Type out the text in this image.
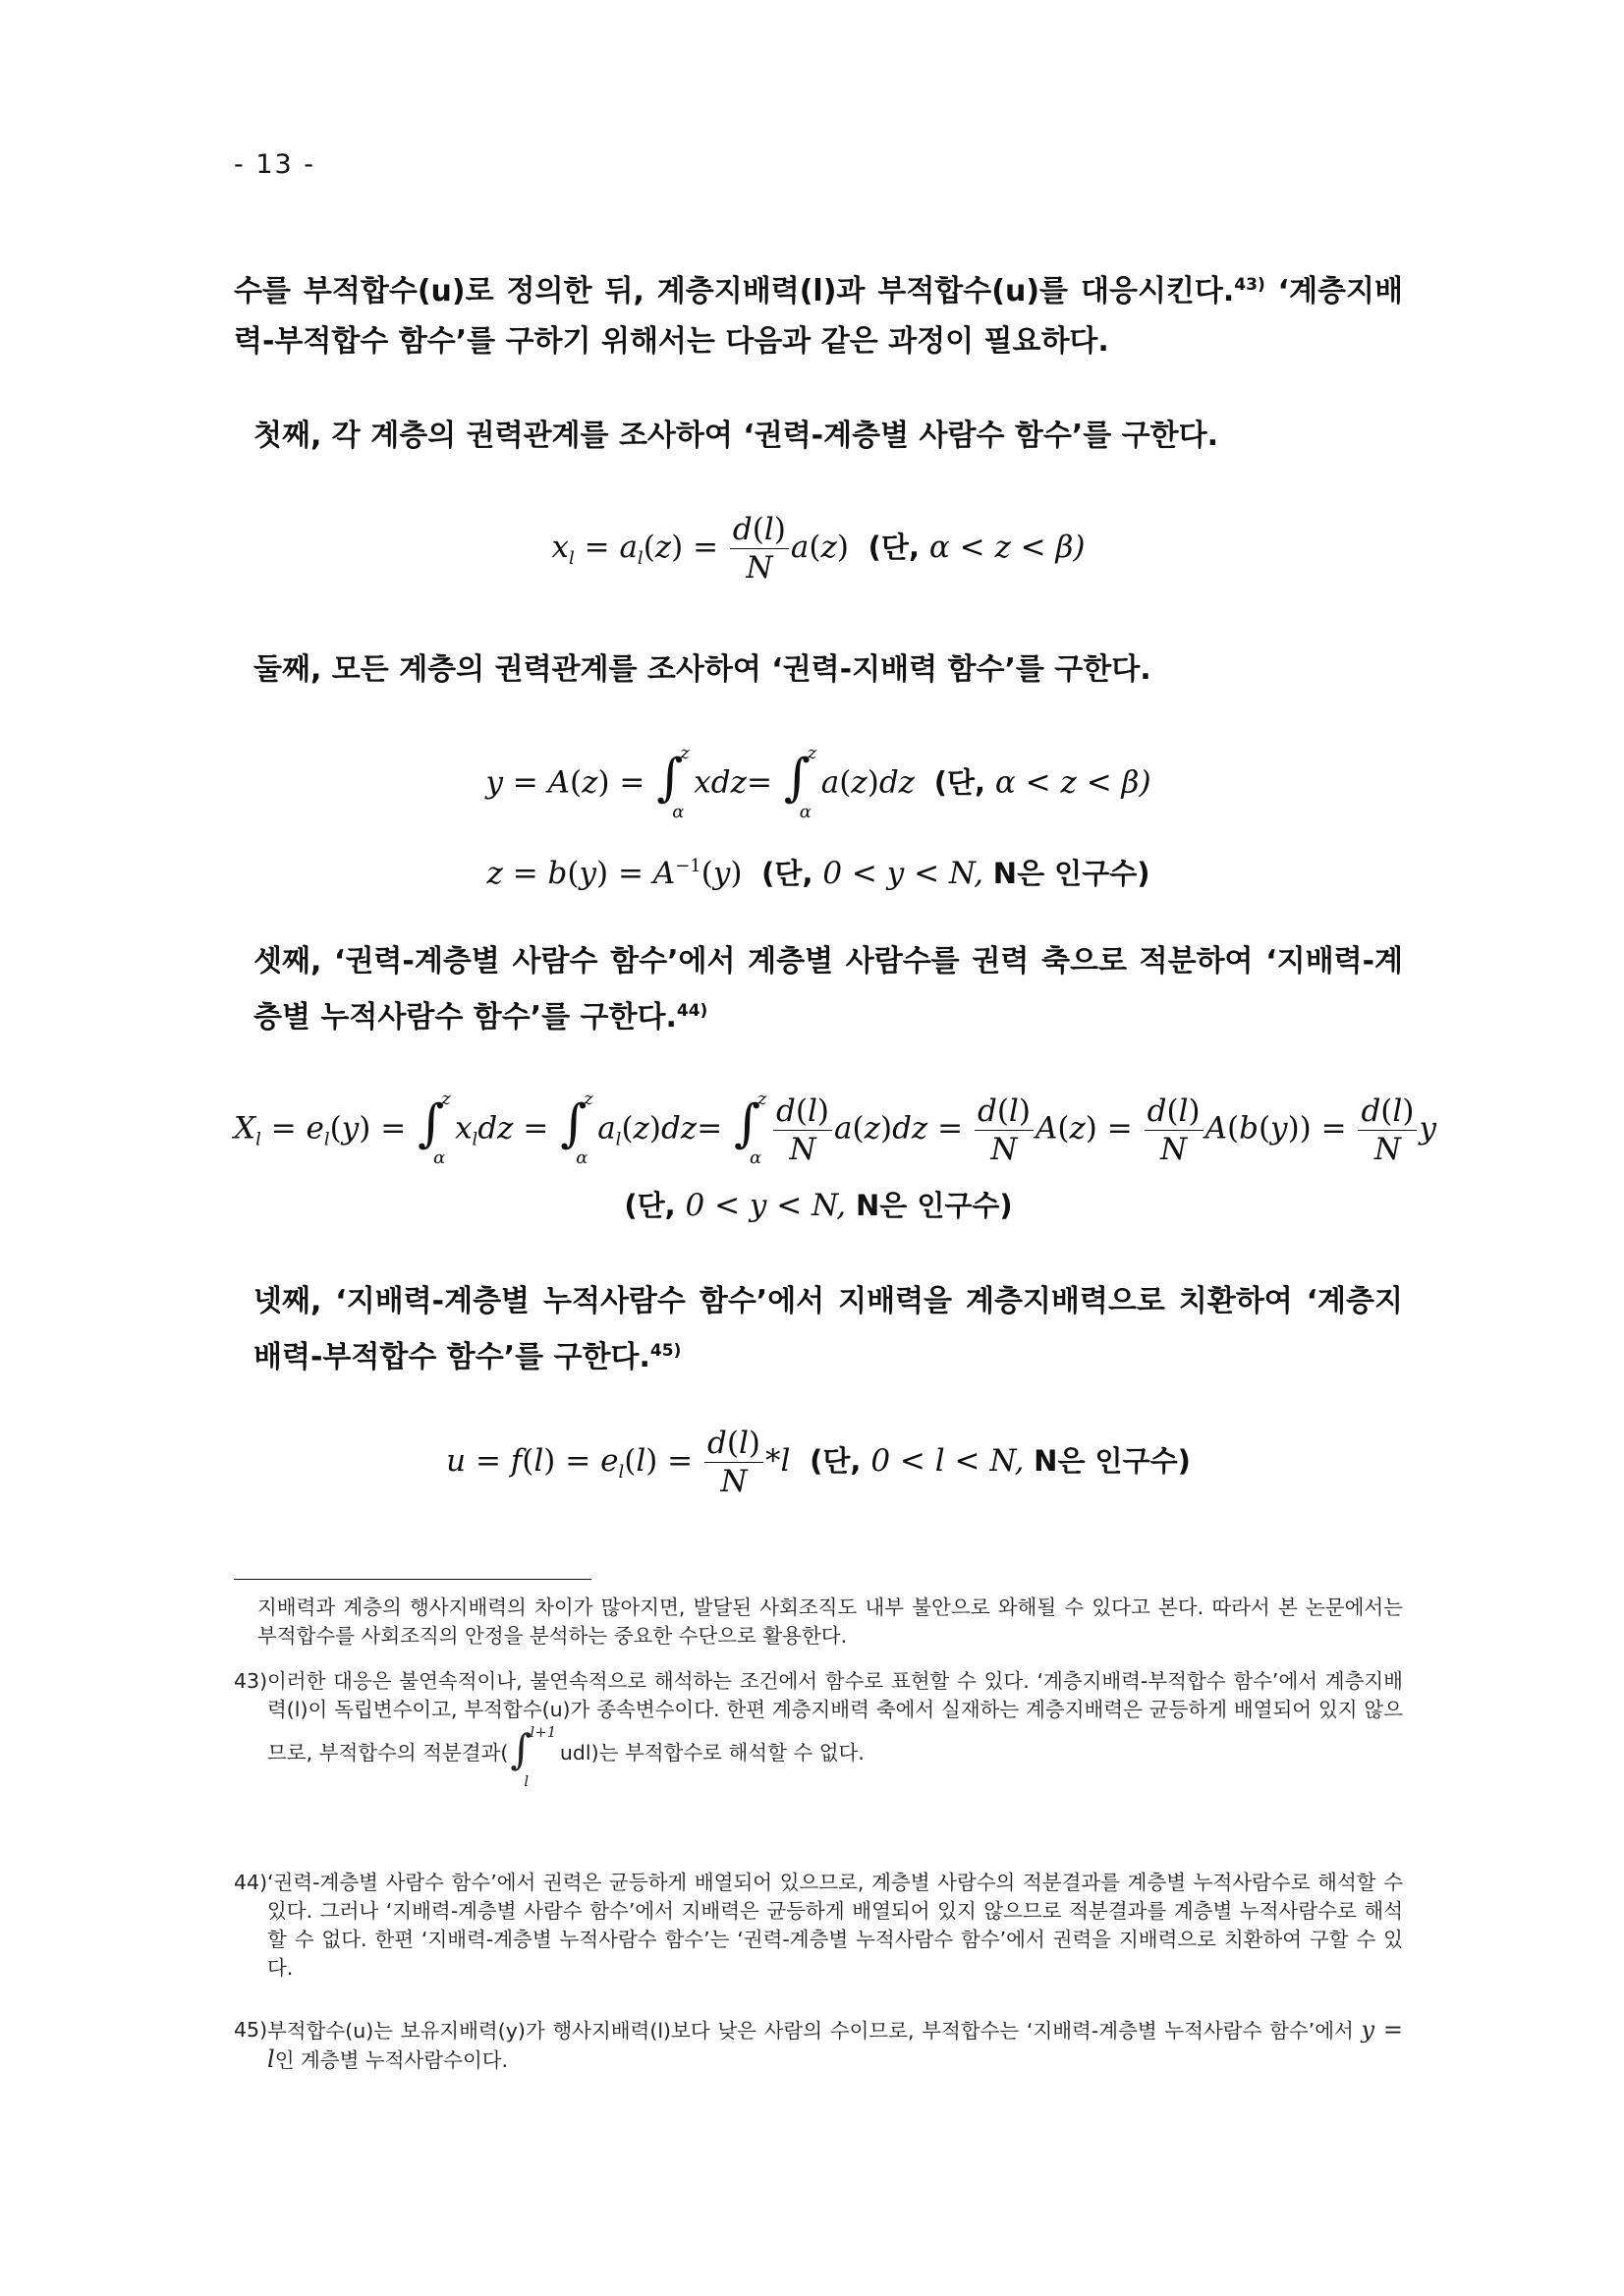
- 13 -
수를 부적합수(u)로 정의한 뒤, 계층지배력(l)과 부적합수(u)를 대응시킨다.$^{43)}$ ‘계층지배력-부적합수 함수’를 구하기 위해서는 다음과 같은 과정이 필요하다.
첫째, 각 계층의 권력관계를 조사하여 ‘권력-계층별 사람수 함수’를 구한다.
$x_l = a_l(z) = \frac{d(l)}{N} a(z)$  (단, α < z < β)
둘째, 모든 계층의 권력관계를 조사하여 ‘권력-지배력 함수’를 구한다.
y = A(z) = ∫
z
α
xdz= ∫
z
α
a(z)dz (단, α < z < β)
$z = b(y) = A^{-1}(y)$  (단, 0 < y < N, N은 인구수)
셋째, ‘권력-계층별 사람수 함수’에서 계층별 사람수를 권력 축으로 적분하여 ‘지배력-계층별 누적사람수 함수’를 구한다.$^{44)}$
$X_l = e_l(y)$ = ∫
z
α
$x_ldz$ = ∫
z
α
$a_l(z)dz=$ ∫
z
α $\frac{d(l)}{N} a(z)dz = \frac{d(l)}{N} A(z) = \frac{d(l)}{N} A(b(y)) = \frac{d(l)}{N}$ y
(단, 0 < y < N, N은 인구수)
넷째, ‘지배력-계층별 누적사람수 함수’에서 지배력을 계층지배력으로 치환하여 ‘계층지배력-부적합수 함수’를 구한다.$^{45)}$
$u = f(l) = e_l(l) = \frac{d(l)}{N} *l$ (단, 0 < l < N, N은 인구수)
지배력과 계층의 행사지배력의 차이가 많아지면, 발달된 사회조직도 내부 불안으로 와해될 수 있다고 본다. 따라서 본 논문에서는 부적합수를 사회조직의 안정을 분석하는 중요한 수단으로 활용한다.
43) 이러한 대응은 불연속적이나, 불연속적으로 해석하는 조건에서 함수로 표현할 수 있다. ‘계층지배력-부적합수 함수’에서 계층지배력(l)이 독립변수이고, 부적합수(u)가 종속변수이다. 한편 계층지배력 축에서 실재하는 계층지배력은 균등하게 배열되어 있지 않으므로, 부적합수의 적분결과( ∫
l+1
l
udl)는 부적합수로 해석할 수 없다.
44) ‘권력-계층별 사람수 함수’에서 권력은 균등하게 배열되어 있으므로, 계층별 사람수의 적분결과를 계층별 누적사람수로 해석할 수 있다. 그러나 ‘지배력-계층별 사람수 함수’에서 지배력은 균등하게 배열되어 있지 않으므로 적분결과를 계층별 누적사람수로 해석할 수 없다. 한편 ‘지배력-계층별 누적사람수 함수’는 ‘권력-계층별 누적사람수 함수’에서 권력을 지배력으로 치환하여 구할 수 있다.
45) 부적합수(u)는 보유지배력(y)가 행사지배력(l)보다 낮은 사람의 수이므로, 부적합수는 ‘지배력-계층별 누적사람수 함수’에서 y = l인 계층별 누적사람수이다.
